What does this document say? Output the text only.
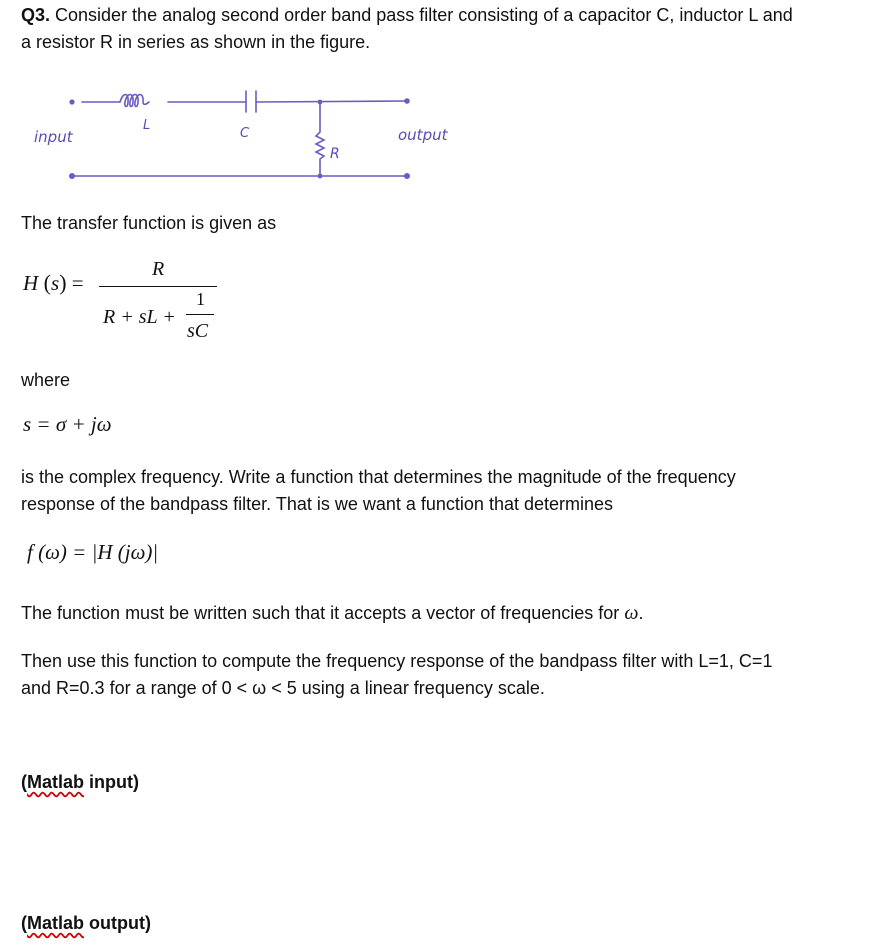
Q3. Consider the analog second order band pass filter consisting of a capacitor C, inductor L and
a resistor R in series as shown in the figure.
input	output
L
C
R
The transfer function is given as
H (s) =
R
R + sL +
1
sC
where
s = σ + jω
is the complex frequency. Write a function that determines the magnitude of the frequency
response of the bandpass filter. That is we want a function that determines
f (ω) = |H (jω)|
The function must be written such that it accepts a vector of frequencies for ω.
Then use this function to compute the frequency response of the bandpass filter with L=1, C=1
and R=0.3 for a range of 0 < ω < 5 using a linear frequency scale.
(Matlab input)
(Matlab output)
